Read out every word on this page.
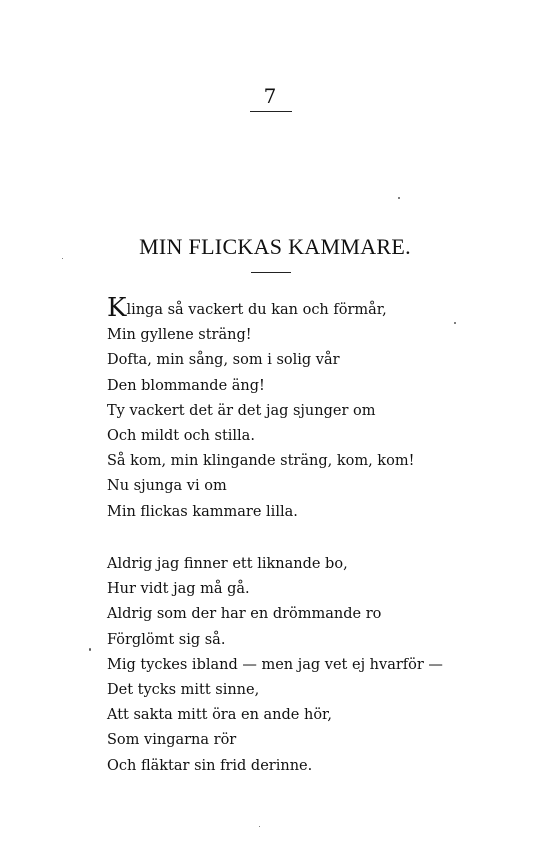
7
MIN FLICKAS KAMMARE.
Klinga så vackert du kan och förmår,
Min gyllene sträng!
Dofta, min sång, som i solig vår
Den blommande äng!
Ty vackert det är det jag sjunger om
Och mildt och stilla.
Så kom, min klingande sträng, kom, kom!
Nu sjunga vi om
Min flickas kammare lilla.
Aldrig jag finner ett liknande bo,
Hur vidt jag må gå.
Aldrig som der har en drömmande ro
Förglömt sig så.
Mig tyckes ibland — men jag vet ej hvarför —
Det tycks mitt sinne,
Att sakta mitt öra en ande hör,
Som vingarna rör
Och fläktar sin frid derinne.
